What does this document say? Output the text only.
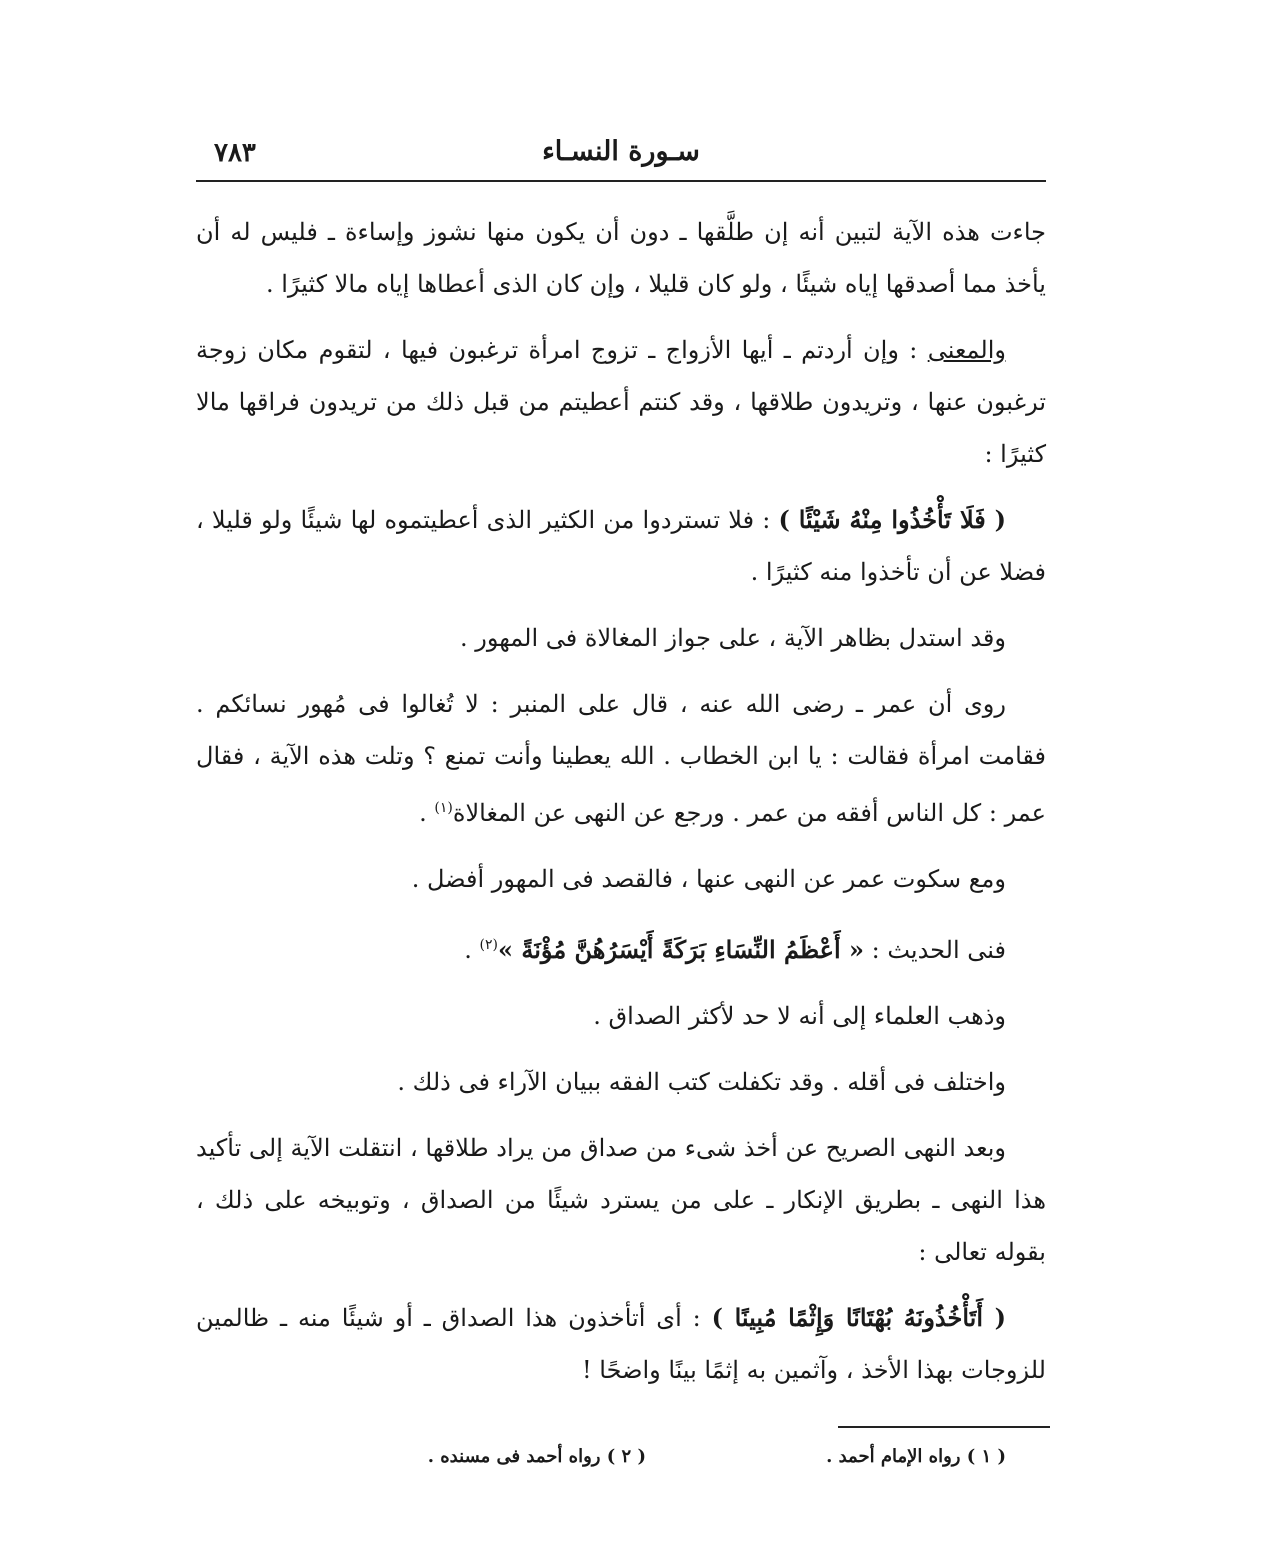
سـورة النسـاء
٧٨٣

جاءت هذه الآية لتبين أنه إن طلَّقها ـ دون أن يكون منها نشوز وإساءة ـ فليس له أن يأخذ مما أصدقها إياه شيئًا ، ولو كان قليلا ، وإن كان الذى أعطاها إياه مالا كثيرًا .

والمعنى : وإن أردتم ـ أيها الأزواج ـ تزوج امرأة ترغبون فيها ، لتقوم مكان زوجة ترغبون عنها ، وتريدون طلاقها ، وقد كنتم أعطيتم من قبل ذلك من تريدون فراقها مالا كثيرًا :

( فَلَا تَأْخُذُوا مِنْهُ شَيْئًا ) : فلا تستردوا من الكثير الذى أعطيتموه لها شيئًا ولو قليلا ، فضلا عن أن تأخذوا منه كثيرًا .

وقد استدل بظاهر الآية ، على جواز المغالاة فى المهور .

روى أن عمر ـ رضى الله عنه ، قال على المنبر : لا تُغالوا فى مُهور نسائكم . فقامت امرأة فقالت : يا ابن الخطاب . الله يعطينا وأنت تمنع ؟ وتلت هذه الآية ، فقال عمر : كل الناس أفقه من عمر . ورجع عن النهى عن المغالاة$^{(١)}$ .

ومع سكوت عمر عن النهى عنها ، فالقصد فى المهور أفضل .

فنى الحديث : « أَعْظَمُ النِّسَاءِ بَرَكَةً أَيْسَرُهُنَّ مُؤْنَةً »$^{(٢)}$ .

وذهب العلماء إلى أنه لا حد لأكثر الصداق .

واختلف فى أقله . وقد تكفلت كتب الفقه ببيان الآراء فى ذلك .

وبعد النهى الصريح عن أخذ شىء من صداق من يراد طلاقها ، انتقلت الآية إلى تأكيد هذا النهى ـ بطريق الإنكار ـ على من يسترد شيئًا من الصداق ، وتوبيخه على ذلك ، بقوله تعالى :

( أَتَأْخُذُونَهُ بُهْتَانًا وَإِثْمًا مُبِينًا ) : أى أتأخذون هذا الصداق ـ أو شيئًا منه ـ ظالمين للزوجات بهذا الأخذ ، وآثمين به إثمًا بينًا واضحًا !

( ١ ) رواه الإمام أحمد .
( ٢ ) رواه أحمد فى مسنده .
